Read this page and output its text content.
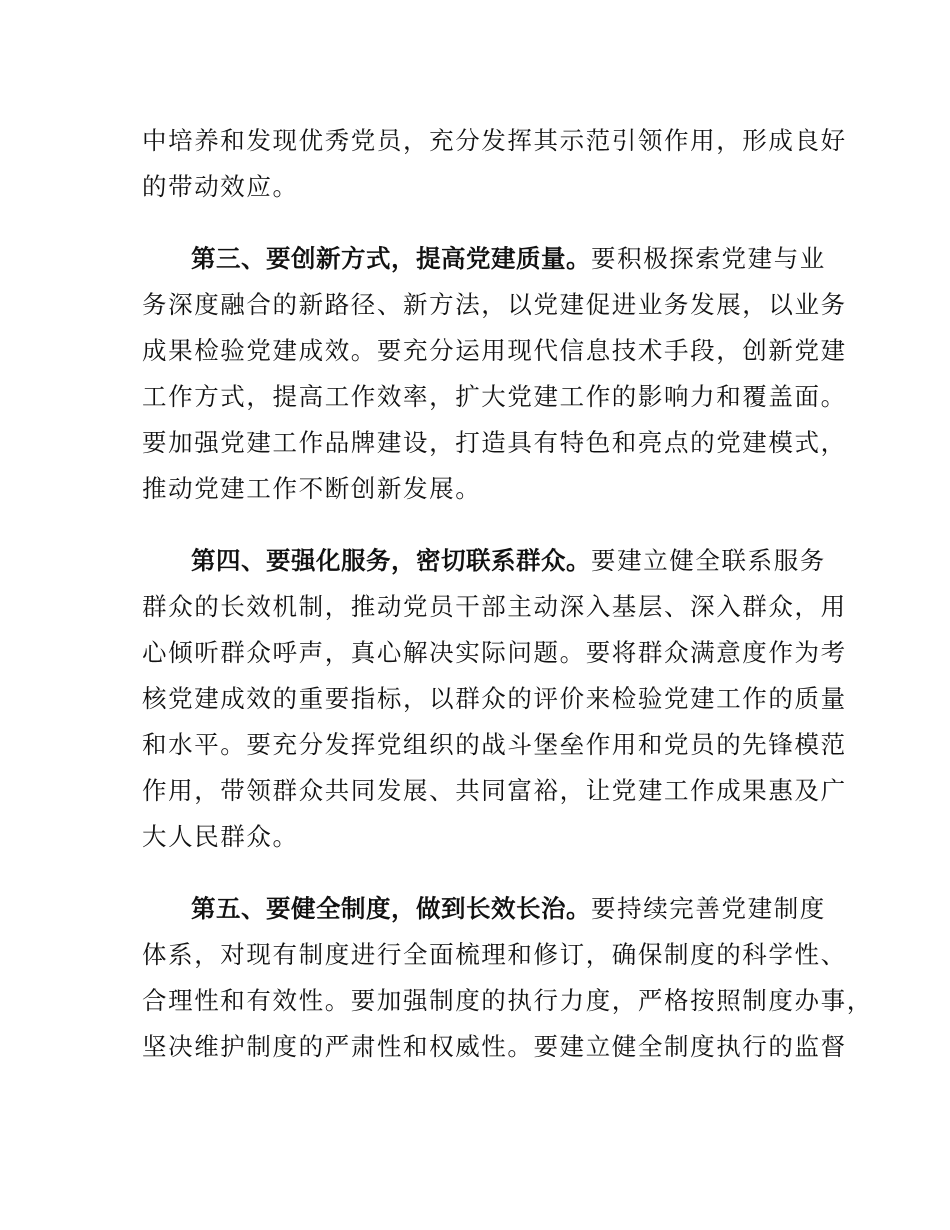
中培养和发现优秀党员，充分发挥其示范引领作用，形成良好
的带动效应。
第三、要创新方式，提高党建质量。要积极探索党建与业
务深度融合的新路径、新方法，以党建促进业务发展，以业务
成果检验党建成效。要充分运用现代信息技术手段，创新党建
工作方式，提高工作效率，扩大党建工作的影响力和覆盖面。
要加强党建工作品牌建设，打造具有特色和亮点的党建模式，
推动党建工作不断创新发展。
第四、要强化服务，密切联系群众。要建立健全联系服务
群众的长效机制，推动党员干部主动深入基层、深入群众，用
心倾听群众呼声，真心解决实际问题。要将群众满意度作为考
核党建成效的重要指标，以群众的评价来检验党建工作的质量
和水平。要充分发挥党组织的战斗堡垒作用和党员的先锋模范
作用，带领群众共同发展、共同富裕，让党建工作成果惠及广
大人民群众。
第五、要健全制度，做到长效长治。要持续完善党建制度
体系，对现有制度进行全面梳理和修订，确保制度的科学性、
合理性和有效性。要加强制度的执行力度，严格按照制度办事，
坚决维护制度的严肃性和权威性。要建立健全制度执行的监督
